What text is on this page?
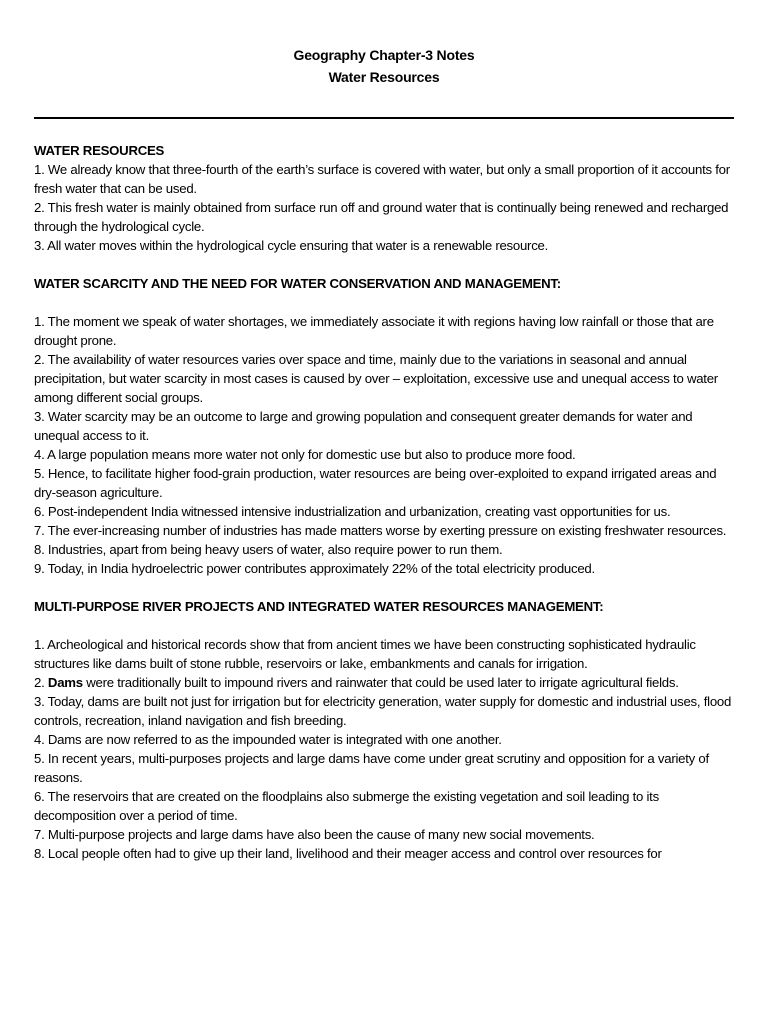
Geography Chapter-3 Notes
Water Resources
WATER RESOURCES

1. We already know that three-fourth of the earth’s surface is covered with water, but only a small proportion of it accounts for fresh water that can be used.

2. This fresh water is mainly obtained from surface run off and ground water that is continually being renewed and recharged through the hydrological cycle.

3. All water moves within the hydrological cycle ensuring that water is a renewable resource.

WATER SCARCITY AND THE NEED FOR WATER CONSERVATION AND MANAGEMENT:

1. The moment we speak of water shortages, we immediately associate it with regions having low rainfall or those that are drought prone.

2. The availability of water resources varies over space and time, mainly due to the variations in seasonal and annual precipitation, but water scarcity in most cases is caused by over – exploitation, excessive use and unequal access to water among different social groups.

3. Water scarcity may be an outcome to large and growing population and consequent greater demands for water and unequal access to it.

4. A large population means more water not only for domestic use but also to produce more food.

5. Hence, to facilitate higher food-grain production, water resources are being over-exploited to expand irrigated areas and dry-season agriculture.

6. Post-independent India witnessed intensive industrialization and urbanization, creating vast opportunities for us.

7. The ever-increasing number of industries has made matters worse by exerting pressure on existing freshwater resources.

8. Industries, apart from being heavy users of water, also require power to run them.

9. Today, in India hydroelectric power contributes approximately 22% of the total electricity produced.

MULTI-PURPOSE RIVER PROJECTS AND INTEGRATED WATER RESOURCES MANAGEMENT:

1. Archeological and historical records show that from ancient times we have been constructing sophisticated hydraulic structures like dams built of stone rubble, reservoirs or lake, embankments and canals for irrigation.

2. Dams were traditionally built to impound rivers and rainwater that could be used later to irrigate agricultural fields.

3. Today, dams are built not just for irrigation but for electricity generation, water supply for domestic and industrial uses, flood controls, recreation, inland navigation and fish breeding.

4. Dams are now referred to as the impounded water is integrated with one another.

5. In recent years, multi-purposes projects and large dams have come under great scrutiny and opposition for a variety of reasons.

6. The reservoirs that are created on the floodplains also submerge the existing vegetation and soil leading to its decomposition over a period of time.

7. Multi-purpose projects and large dams have also been the cause of many new social movements.

8. Local people often had to give up their land, livelihood and their meager access and control over resources for
